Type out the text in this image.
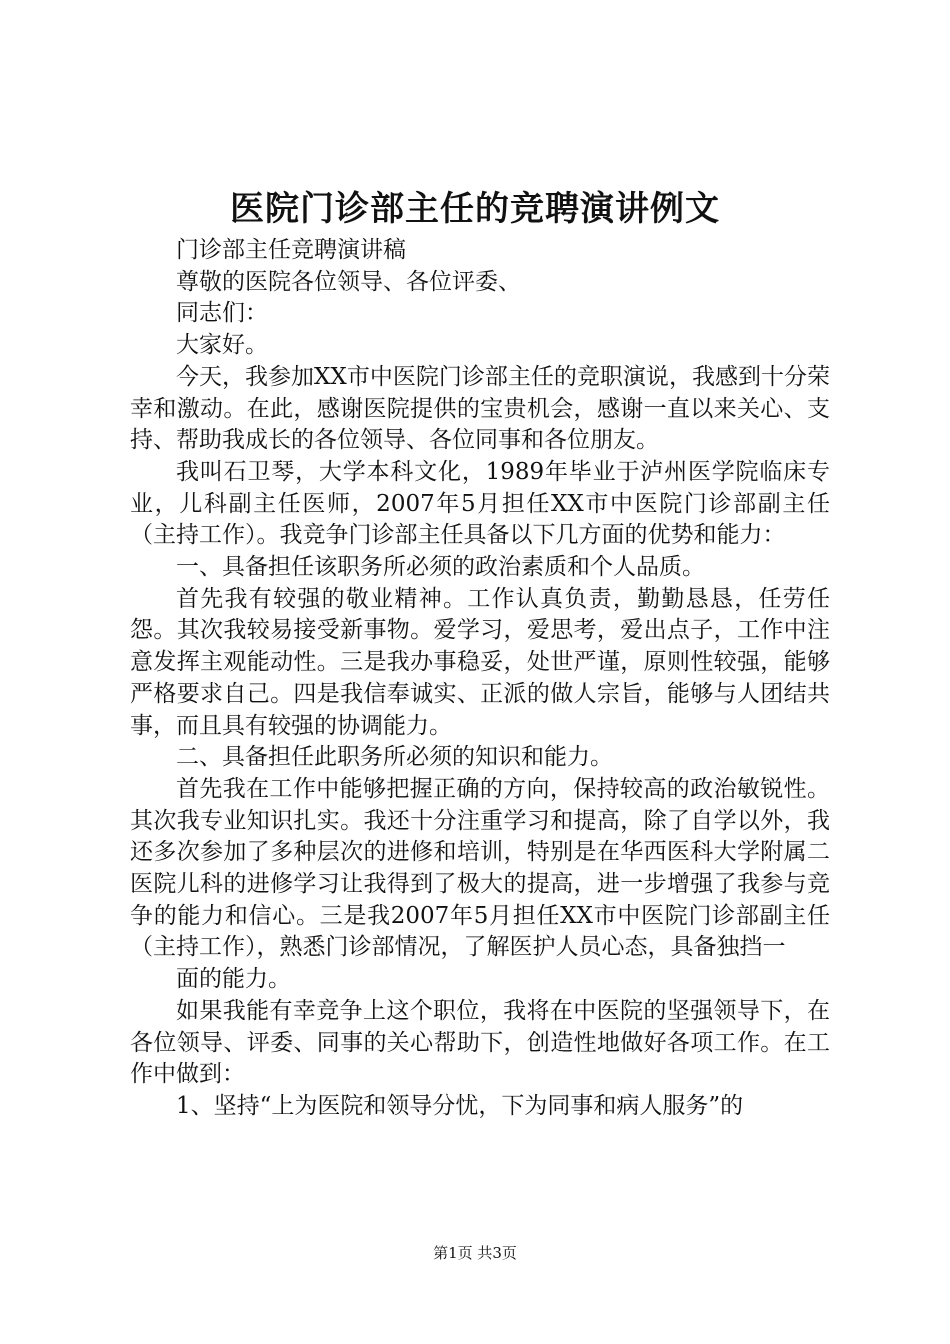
医院门诊部主任的竞聘演讲例文

门诊部主任竞聘演讲稿

尊敬的医院各位领导、各位评委、

同志们：

大家好。

今天，我参加XX市中医院门诊部主任的竞职演说，我感到十分荣幸和激动。在此，感谢医院提供的宝贵机会，感谢一直以来关心、支持、帮助我成长的各位领导、各位同事和各位朋友。

我叫石卫琴，大学本科文化，1989年毕业于泸州医学院临床专业，儿科副主任医师，2007年5月担任XX市中医院门诊部副主任（主持工作）。我竞争门诊部主任具备以下几方面的优势和能力：

一、具备担任该职务所必须的政治素质和个人品质。

首先我有较强的敬业精神。工作认真负责，勤勤恳恳，任劳任怨。其次我较易接受新事物。爱学习，爱思考，爱出点子，工作中注意发挥主观能动性。三是我办事稳妥，处世严谨，原则性较强，能够严格要求自己。四是我信奉诚实、正派的做人宗旨，能够与人团结共事，而且具有较强的协调能力。

二、具备担任此职务所必须的知识和能力。

首先我在工作中能够把握正确的方向，保持较高的政治敏锐性。其次我专业知识扎实。我还十分注重学习和提高，除了自学以外，我还多次参加了多种层次的进修和培训，特别是在华西医科大学附属二医院儿科的进修学习让我得到了极大的提高，进一步增强了我参与竞争的能力和信心。三是我2007年5月担任XX市中医院门诊部副主任（主持工作），熟悉门诊部情况，了解医护人员心态，具备独挡一

面的能力。

如果我能有幸竞争上这个职位，我将在中医院的坚强领导下，在各位领导、评委、同事的关心帮助下，创造性地做好各项工作。在工作中做到：

1、坚持“上为医院和领导分忧，下为同事和病人服务”的

第1页 共3页
